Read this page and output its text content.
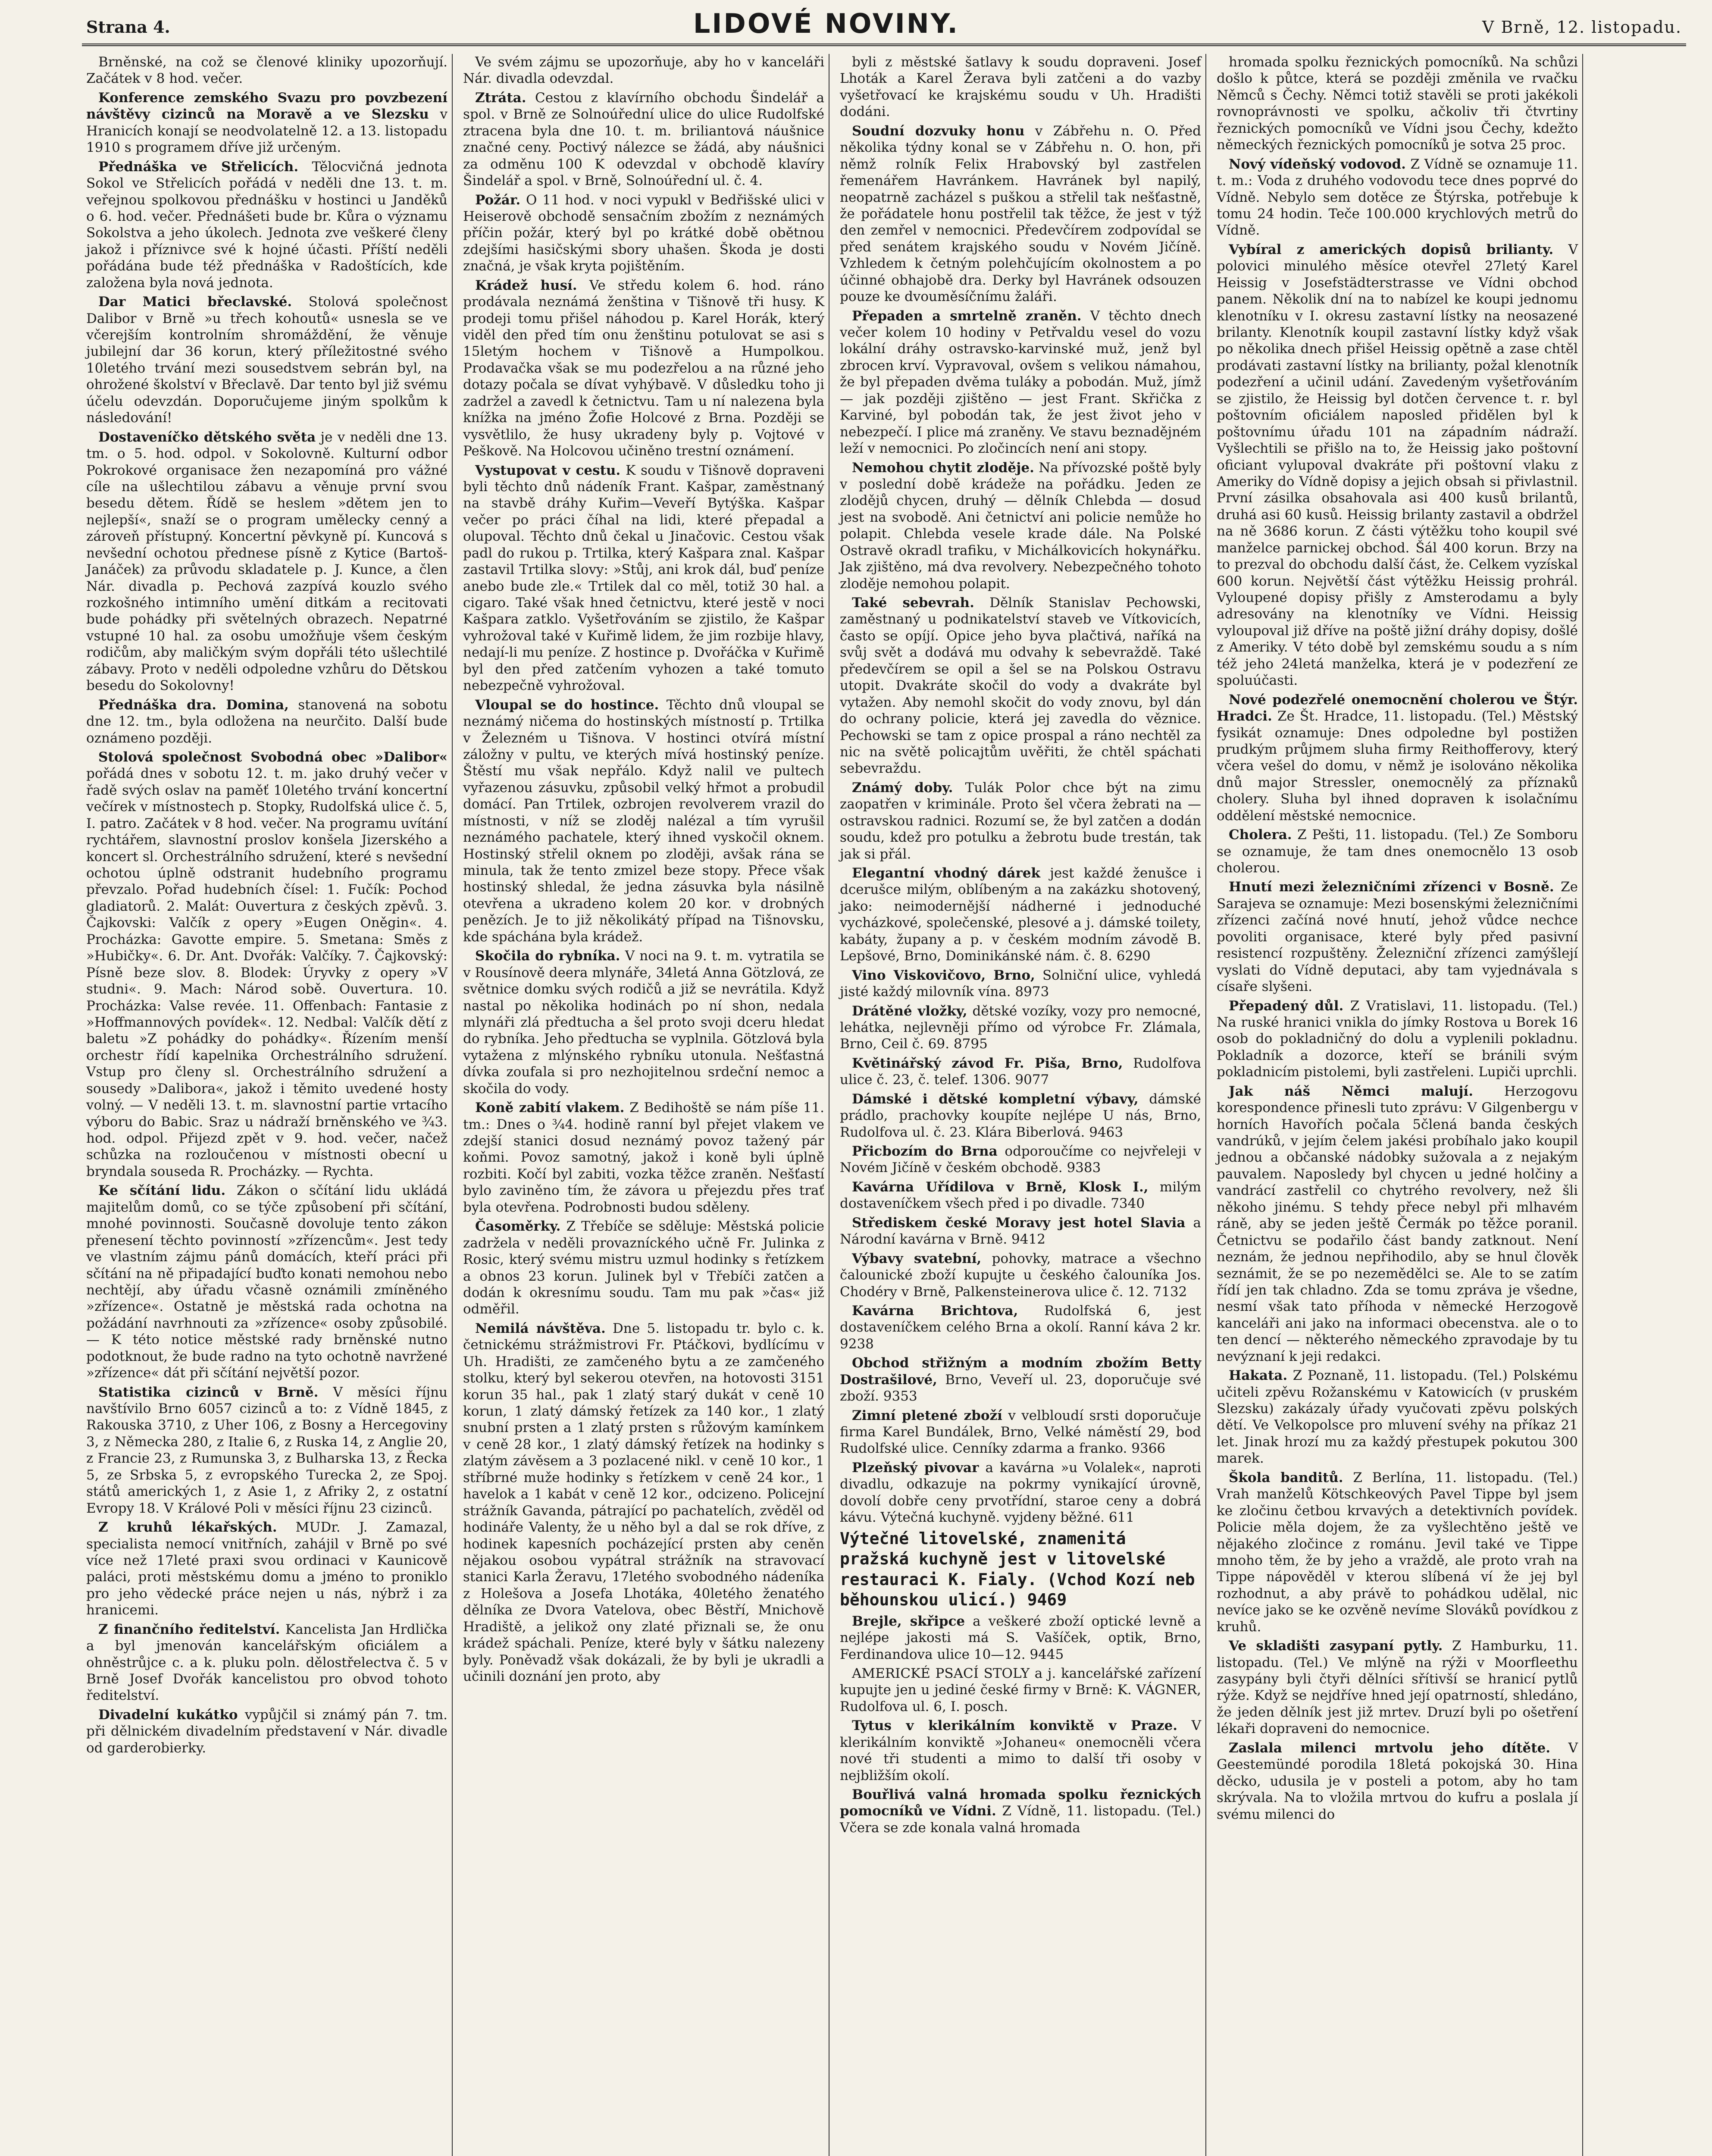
Strana 4.	LIDOVÉ NOVINY.	V Brně, 12. listopadu.

Brněnské, na což se členové kliniky upozorňují. Začátek v 8 hod. večer.

Konference zemského Svazu pro povzbezení návštěvy cizinců na Moravě a ve Slezsku v Hranicích konají se neodvolatelně 12. a 13. listopadu 1910 s programem dříve již určeným.

Přednáška ve Střelicích. Tělocvičná jednota Sokol ve Střelicích pořádá v neděli dne 13. t. m. veřejnou spolkovou přednášku v hostinci u Janděků o 6. hod. večer. Přednášeti bude br. Kůra o významu Sokolstva a jeho úkolech. Jednota zve veškeré členy jakož i příznivce své k hojné účasti. Příští neděli pořádána bude též přednáška v Radoštících, kde založena byla nová jednota.

Dar Matici břeclavské. Stolová společnost Dalibor v Brně »u třech kohoutů« usnesla se ve včerejším kontrolním shromáždění, že věnuje jubilejní dar 36 korun, který příležitostné svého 10letého trvání mezi sousedstvem sebrán byl, na ohrožené školství v Břeclavě. Dar tento byl již svému účelu odevzdán. Doporučujeme jiným spolkům k následování!

Dostaveníčko dětského světa je v neděli dne 13. tm. o 5. hod. odpol. v Sokolovně. Kulturní odbor Pokrokové organisace žen nezapomíná pro vážné cíle na ušlechtilou zábavu a věnuje první svou besedu dětem. Řídě se heslem »dětem jen to nejlepší«, snaží se o program umělecky cenný a zároveň přístupný. Koncertní pěvkyně pí. Kuncová s nevšední ochotou přednese písně z Kytice (Bartoš-Janáček) za průvodu skladatele p. J. Kunce, a člen Nár. divadla p. Pechová zazpívá kouzlo svého rozkošného intimního umění ditkám a recitovati bude pohádky při světelných obrazech. Nepatrné vstupné 10 hal. za osobu umožňuje všem českým rodičům, aby maličkým svým dopřáli této ušlechtilé zábavy. Proto v neděli odpoledne vzhůru do Dětskou besedu do Sokolovny!

Přednáška dra. Domina, stanovená na sobotu dne 12. tm., byla odložena na neurčito. Další bude oznámeno později.

Stolová společnost Svobodná obec »Dalibor« pořádá dnes v sobotu 12. t. m. jako druhý večer v řadě svých oslav na paměť 10letého trvání koncertní večírek v místnostech p. Stopky, Rudolfská ulice č. 5, I. patro. Začátek v 8 hod. večer. Na programu uvítání rychtářem, slavnostní proslov konšela Jizerského a koncert sl. Orchestrálního sdružení, které s nevšední ochotou úplně odstranit hudebního programu převzalo. Pořad hudebních čísel: 1. Fučík: Pochod gladiatorů. 2. Malát: Ouvertura z českých zpěvů. 3. Čajkovski: Valčík z opery »Eugen Oněgin«. 4. Procházka: Gavotte empire. 5. Smetana: Směs z »Hubičky«. 6. Dr. Ant. Dvořák: Valčíky. 7. Čajkovský: Písně beze slov. 8. Blodek: Úryvky z opery »V studni«. 9. Mach: Národ sobě. Ouvertura. 10. Procházka: Valse revée. 11. Offenbach: Fantasie z »Hoffmannových povídek«. 12. Nedbal: Valčík dětí z baletu »Z pohádky do pohádky«. Řízením menší orchestr řídí kapelnika Orchestrálního sdružení. Vstup pro členy sl. Orchestrálního sdružení a sousedy »Dalibora«, jakož i těmito uvedené hosty volný. — V neděli 13. t. m. slavnostní partie vrtacího výboru do Babic. Sraz u nádraží brněnského ve ¾3. hod. odpol. Přijezd zpět v 9. hod. večer, načež schůzka na rozloučenou v místnosti obecní u bryndala souseda R. Procházky. — Rychta.

Ke sčítání lidu. Zákon o sčítání lidu ukládá majitelům domů, co se týče způsobení při sčítání, mnohé povinnosti. Současně dovoluje tento zákon přenesení těchto povinností »zřízencům«. Jest tedy ve vlastním zájmu pánů domácích, kteří práci při sčítání na ně připadající buďto konati nemohou nebo nechtějí, aby úřadu včasně oznámili zmíněného »zřízence«. Ostatně je městská rada ochotna na požádání navrhnouti za »zřízence« osoby způsobilé. — K této notice městské rady brněnské nutno podotknout, že bude radno na tyto ochotně navržené »zřízence« dát při sčítání největší pozor.

Statistika cizinců v Brně. V měsíci říjnu navštívilo Brno 6057 cizinců a to: z Vídně 1845, z Rakouska 3710, z Uher 106, z Bosny a Hercegoviny 3, z Německa 280, z Italie 6, z Ruska 14, z Anglie 20, z Francie 23, z Rumunska 3, z Bulharska 13, z Řecka 5, ze Srbska 5, z evropského Turecka 2, ze Spoj. států amerických 1, z Asie 1, z Afriky 2, z ostatní Evropy 18. V Králové Poli v měsíci říjnu 23 cizinců.

Z kruhů lékařských. MUDr. J. Zamazal, specialista nemocí vnitřních, zahájil v Brně po své více než 17leté praxi svou ordinaci v Kaunicově paláci, proti městskému domu a jméno to proniklo pro jeho vědecké práce nejen u nás, nýbrž i za hranicemi.

Z finančního ředitelství. Kancelista Jan Hrdlička a byl jmenován kancelářským oficiálem a ohněstrůjce c. a k. pluku poln. dělostřelectva č. 5 v Brně Josef Dvořák kancelistou pro obvod tohoto ředitelství.

Divadelní kukátko vypůjčil si známý pán 7. tm. při dělnickém divadelním představení v Nár. divadle od garderobierky.

Ve svém zájmu se upozorňuje, aby ho v kanceláři Nár. divadla odevzdal.

Ztráta. Cestou z klavírního obchodu Šindelář a spol. v Brně ze Solnoúřední ulice do ulice Rudolfské ztracena byla dne 10. t. m. briliantová náušnice značné ceny. Poctivý nálezce se žádá, aby náušnici za odměnu 100 K odevzdal v obchodě klavíry Šindelář a spol. v Brně, Solnoúřední ul. č. 4.

Požár. O 11 hod. v noci vypukl v Bedřišské ulici v Heiserově obchodě sensačním zbožím z neznámých příčin požár, který byl po krátké době obětnou zdejšími hasičskými sbory uhašen. Škoda je dosti značná, je však kryta pojištěním.

Krádež husí. Ve středu kolem 6. hod. ráno prodávala neznámá ženština v Tišnově tři husy. K prodeji tomu přišel náhodou p. Karel Horák, který viděl den před tím onu ženštinu potulovat se asi s 15letým hochem v Tišnově a Humpolkou. Prodavačka však se mu podezřelou a na různé jeho dotazy počala se dívat vyhýbavě. V důsledku toho ji zadržel a zavedl k četnictvu. Tam u ní nalezena byla knížka na jméno Žofie Holcové z Brna. Později se vysvětlilo, že husy ukradeny byly p. Vojtové v Peškově. Na Holcovou učiněno trestní oznámení.

Vystupovat v cestu. K soudu v Tišnově dopraveni byli těchto dnů nádeník Frant. Kašpar, zaměstnaný na stavbě dráhy Kuřim—Veveří Bytýška. Kašpar večer po práci číhal na lidi, které přepadal a olupoval. Těchto dnů čekal u Jinačovic. Cestou však padl do rukou p. Trtilka, který Kašpara znal. Kašpar zastavil Trtilka slovy: »Stůj, ani krok dál, buď peníze anebo bude zle.« Trtilek dal co měl, totiž 30 hal. a cigaro. Také však hned četnictvu, které jestě v noci Kašpara zatklo. Vyšetřováním se zjistilo, že Kašpar vyhrožoval také v Kuřimě lidem, že jim rozbije hlavy, nedají-li mu peníze. Z hostince p. Dvořáčka v Kuřimě byl den před zatčením vyhozen a také tomuto nebezpečně vyhrožoval.

Vloupal se do hostince. Těchto dnů vloupal se neznámý ničema do hostinských místností p. Trtilka v Železném u Tišnova. V hostinci otvírá místní záložny v pultu, ve kterých mívá hostinský peníze. Štěstí mu však nepřálo. Když nalil ve pultech vyřazenou zásuvku, způsobil velký hřmot a probudil domácí. Pan Trtilek, ozbrojen revolverem vrazil do místnosti, v níž se zloděj nalézal a tím vyrušil neznámého pachatele, který ihned vyskočil oknem. Hostinský střelil oknem po zloději, avšak rána se minula, tak že tento zmizel beze stopy. Přece však hostinský shledal, že jedna zásuvka byla násilně otevřena a ukradeno kolem 20 kor. v drobných penězích. Je to již několikátý případ na Tišnovsku, kde spáchána byla krádež.

Skočila do rybníka. V noci na 9. t. m. vytratila se v Rousínově deera mlynáře, 34letá Anna Götzlová, ze světnice domku svých rodičů a již se nevrátila. Když nastal po několika hodinách po ní shon, nedala mlynáři zlá předtucha a šel proto svoji dceru hledat do rybníka. Jeho předtucha se vyplnila. Götzlová byla vytažena z mlýnského rybníku utonula. Nešťastná dívka zoufala si pro nezhojitelnou srdeční nemoc a skočila do vody.

Koně zabití vlakem. Z Bedihoště se nám píše 11. tm.: Dnes o ¾4. hodině ranní byl přejet vlakem ve zdejší stanici dosud neznámý povoz tažený pár koňmi. Povoz samotný, jakož i koně byli úplně rozbiti. Kočí byl zabiti, vozka těžce zraněn. Nešťastí bylo zaviněno tím, že závora u přejezdu přes trať byla otevřena. Podrobnosti budou sděleny.

Časoměrky. Z Třebíče se sděluje: Městská policie zadržela v neděli provazníckého učně Fr. Julinka z Rosic, který svému mistru uzmul hodinky s řetízkem a obnos 23 korun. Julinek byl v Třebíči zatčen a dodán k okresnímu soudu. Tam mu pak »čas« již odměřil.

Nemilá návštěva. Dne 5. listopadu tr. bylo c. k. četnickému strážmistrovi Fr. Ptáčkovi, bydlícímu v Uh. Hradišti, ze zamčeného bytu a ze zamčeného stolku, který byl sekerou otevřen, na hotovosti 3151 korun 35 hal., pak 1 zlatý starý dukát v ceně 10 korun, 1 zlatý dámský řetízek za 140 kor., 1 zlatý snubní prsten a 1 zlatý prsten s růžovým kamínkem v ceně 28 kor., 1 zlatý dámský řetízek na hodinky s zlatým závěsem a 3 pozlacené nikl. v ceně 10 kor., 1 stříbrné muže hodinky s řetízkem v ceně 24 kor., 1 havelok a 1 kabát v ceně 12 kor., odcizeno. Policejní strážník Gavanda, pátrající po pachatelích, zvěděl od hodináře Valenty, že u něho byl a dal se rok dříve, z hodinek kapesních pocházející prsten aby ceněn nějakou osobou vypátral strážník na stravovací stanici Karla Žeravu, 17letého svobodného nádeníka z Holešova a Josefa Lhotáka, 40letého ženatého dělníka ze Dvora Vatelova, obec Běstří, Mnichově Hradiště, a jelikož ony zlaté přiznali se, že onu krádež spáchali. Peníze, které byly v šátku nalezeny byly. Poněvadž však dokázali, že by byli je ukradli a učinili doznání jen proto, aby

byli z městské šatlavy k soudu dopraveni. Josef Lhoták a Karel Žerava byli zatčeni a do vazby vyšetřovací ke krajskému soudu v Uh. Hradišti dodáni.

Soudní dozvuky honu v Zábřehu n. O. Před několika týdny konal se v Zábřehu n. O. hon, při němž rolník Felix Hrabovský byl zastřelen řemenářem Havránkem. Havránek byl napilý, neopatrně zacházel s puškou a střelil tak nešťastně, že pořádatele honu postřelil tak těžce, že jest v týž den zemřel v nemocnici. Předevčírem zodpovídal se před senátem krajského soudu v Novém Jičíně. Vzhledem k četným polehčujícím okolnostem a po účinné obhajobě dra. Derky byl Havránek odsouzen pouze ke dvouměsíčnímu žaláři.

Přepaden a smrtelně zraněn. V těchto dnech večer kolem 10 hodiny v Petřvaldu vesel do vozu lokální dráhy ostravsko-karvinské muž, jenž byl zbrocen krví. Vypravoval, ovšem s velikou námahou, že byl přepaden dvěma tuláky a pobodán. Muž, jímž — jak později zjištěno — jest Frant. Skřička z Karviné, byl pobodán tak, že jest život jeho v nebezpečí. I plice má zraněny. Ve stavu beznadějném leží v nemocnici. Po zločincích není ani stopy.

Nemohou chytit zloděje. Na přívozské poště byly v poslední době krádeže na pořádku. Jeden ze zlodějů chycen, druhý — dělník Chlebda — dosud jest na svobodě. Ani četnictví ani policie nemůže ho polapit. Chlebda vesele krade dále. Na Polské Ostravě okradl trafiku, v Michálkovicích hokynářku. Jak zjištěno, má dva revolvery. Nebezpečného tohoto zloděje nemohou polapit.

Také sebevrah. Dělník Stanislav Pechowski, zaměstnaný u podnikatelství staveb ve Vítkovicích, často se opíjí. Opice jeho byva plačtivá, naříká na svůj svět a dodává mu odvahy k sebevraždě. Také předevčírem se opil a šel se na Polskou Ostravu utopit. Dvakráte skočil do vody a dvakráte byl vytažen. Aby nemohl skočit do vody znovu, byl dán do ochrany policie, která jej zavedla do věznice. Pechowski se tam z opice prospal a ráno nechtěl za nic na světě policajtům uvěřiti, že chtěl spáchati sebevraždu.

Známý doby. Tulák Polor chce být na zimu zaopatřen v kriminále. Proto šel včera žebrati na — ostravskou radnici. Rozumí se, že byl zatčen a dodán soudu, kdež pro potulku a žebrotu bude trestán, tak jak si přál.

Elegantní vhodný dárek jest každé ženušce i dcerušce milým, oblíbeným a na zakázku shotovený, jako: neimodernější nádherné i jednoduché vycházkové, společenské, plesové a j. dámské toilety, kabáty, župany a p. v českém modním závodě B. Lepšové, Brno, Dominikánské nám. č. 8. 6290

Vino Viskovičovo, Brno, Solniční ulice, vyhledá jisté každý milovník vína. 8973

Drátěné vložky, dětské vozíky, vozy pro nemocné, lehátka, nejlevněji přímo od výrobce Fr. Zlámala, Brno, Ceil č. 69. 8795

Květinářský závod Fr. Piša, Brno, Rudolfova ulice č. 23, č. telef. 1306. 9077

Dámské i dětské kompletní výbavy, dámské prádlo, prachovky koupíte nejlépe U nás, Brno, Rudolfova ul. č. 23. Klára Biberlová. 9463

Přicbozím do Brna odporoučíme co nejvřeleji v Novém Jičíně v českém obchodě. 9383

Kavárna Uřídilova v Brně, Klosk I., milým dostaveníčkem všech před i po divadle. 7340

Střediskem české Moravy jest hotel Slavia a Národní kavárna v Brně. 9412

Výbavy svatební, pohovky, matrace a všechno čalounické zboží kupujte u českého čalouníka Jos. Chodéry v Brně, Palkensteinerova ulice č. 12. 7132

Kavárna Brichtova, Rudolfská 6, jest dostaveníčkem celého Brna a okolí. Ranní káva 2 kr. 9238

Obchod střižným a modním zbožím Betty Dostrašilové, Brno, Veveří ul. 23, doporučuje své zboží. 9353

Zimní pletené zboží v velbloudí srsti doporučuje firma Karel Bundálek, Brno, Velké náměstí 29, bod Rudolfské ulice. Cenníky zdarma a franko. 9366

Plzeňský pivovar a kavárna »u Volalek«, naproti divadlu, odkazuje na pokrmy vynikající úrovně, dovolí dobře ceny prvotřídní, staroe ceny a dobrá kávu. Výtečná kuchyně. vyjdeny běžné. 611

Výtečné litovelské, znamenitá pražská kuchyně jest v litovelské restauraci K. Fialy. (Vchod Kozí neb běhounskou ulicí.) 9469

Brejle, skřipce a veškeré zboží optické levně a nejlépe jakosti má S. Vašíček, optik, Brno, Ferdinandova ulice 10—12. 9445

AMERICKÉ PSACÍ STOLY a j. kancelářské zařízení kupujte jen u jediné české firmy v Brně: K. VÁGNER, Rudolfova ul. 6, I. posch.

Tytus v klerikálním konviktě v Praze. V klerikálním konviktě »Johaneu« onemocněli včera nové tři studenti a mimo to další tři osoby v nejbližším okolí.

Bouřlivá valná hromada spolku řeznických pomocníků ve Vídni. Z Vídně, 11. listopadu. (Tel.) Včera se zde konala valná hromada

hromada spolku řeznických pomocníků. Na schůzi došlo k půtce, která se později změnila ve rvačku Němců s Čechy. Němci totiž stavěli se proti jakékoli rovnoprávnosti ve spolku, ačkoliv tři čtvrtiny řeznických pomocníků ve Vídni jsou Čechy, kdežto německých řeznických pomocníků je sotva 25 proc.

Nový vídeňský vodovod. Z Vídně se oznamuje 11. t. m.: Voda z druhého vodovodu tece dnes poprvé do Vídně. Nebylo sem dotěce ze Štýrska, potřebuje k tomu 24 hodin. Teče 100.000 krychlových metrů do Vídně.

Vybíral z amerických dopisů brilianty. V polovici minulého měsíce otevřel 27letý Karel Heissig v Josefstädterstrasse ve Vídni obchod panem. Několik dní na to nabízel ke koupi jednomu klenotníku v I. okresu zastavní lístky na neosazené brilanty. Klenotník koupil zastavní lístky když však po několika dnech přišel Heissig opětně a zase chtěl prodávati zastavní lístky na brilianty, požal klenotník podezření a učinil udání. Zavedeným vyšetřováním se zjistilo, že Heissig byl dotčen července t. r. byl poštovním oficiálem naposled přidělen byl k poštovnímu úřadu 101 na západním nádraží. Vyšlechtili se přišlo na to, že Heissig jako poštovní oficiant vylupoval dvakráte při poštovní vlaku z Ameriky do Vídně dopisy a jejich obsah si přivlastnil. První zásilka obsahovala asi 400 kusů brilantů, druhá asi 60 kusů. Heissig brilanty zastavil a obdržel na ně 3686 korun. Z části výtěžku toho koupil své manželce parnickej obchod. Šál 400 korun. Brzy na to prezval do obchodu další část, že. Celkem vyzískal 600 korun. Největší část výtěžku Heissig prohrál. Vyloupené dopisy přišly z Amsterodamu a byly adresovány na klenotníky ve Vídni. Heissig vyloupoval již dříve na poště jižní dráhy dopisy, došlé z Ameriky. V této době byl zemskému soudu a s ním též jeho 24letá manželka, která je v podezření ze spoluúčasti.

Nové podezřelé onemocnění cholerou ve Štýr. Hradci. Ze Št. Hradce, 11. listopadu. (Tel.) Městský fysikát oznamuje: Dnes odpoledne byl postižen prudkým průjmem sluha firmy Reithofferovy, který včera vešel do domu, v němž je isolováno několika dnů major Stressler, onemocnělý za příznaků cholery. Sluha byl ihned dopraven k isolačnímu oddělení městské nemocnice.

Cholera. Z Pešti, 11. listopadu. (Tel.) Ze Somboru se oznamuje, že tam dnes onemocnělo 13 osob cholerou.

Hnutí mezi železničními zřízenci v Bosně. Ze Sarajeva se oznamuje: Mezi bosenskými železničními zřízenci začíná nové hnutí, jehož vůdce nechce povoliti organisace, které byly před pasivní resistencí rozpuštěny. Železniční zřízenci zamýšlejí vyslati do Vídně deputaci, aby tam vyjednávala s císaře slyšeni.

Přepadený důl. Z Vratislavi, 11. listopadu. (Tel.) Na ruské hranici vnikla do jímky Rostova u Borek 16 osob do pokladničný do dolu a vyplenili pokladnu. Pokladník a dozorce, kteří se bránili svým pokladnicím pistolemi, byli zastřeleni. Lupiči uprchli.

Jak náš Němci malují. Herzogovu korespondence přinesli tuto zprávu: V Gilgenbergu v horních Havořích počala 5člená banda českých vandrúků, v jejím čelem jakési probíhalo jako koupil jednou a občanské nádobky sužovala a z nejakým pauvalem. Naposledy byl chycen u jedné holčiny a vandrácí zastřelil co chytrého revolvery, než šli někoho jinému. S tehdy přece nebyl při mlhavém ráně, aby se jeden ještě Čermák po těžce poranil. Četnictvu se podařilo část bandy zatknout. Není neznám, že jednou nepřihodilo, aby se hnul člověk seznámit, že se po nezemědělci se. Ale to se zatím řídí jen tak chladno. Zda se tomu zpráva je všedne, nesmí však tato příhoda v německé Herzogově kanceláři ani jako na informaci obecenstva. ale o to ten dencí — některého německého zpravodaje by tu nevýznaní k jeji redakci.

Hakata. Z Poznaně, 11. listopadu. (Tel.) Polskému učiteli zpěvu Rožanskému v Katowicích (v pruském Slezsku) zakázaly úřady vyučovati zpěvu polských dětí. Ve Velkopolsce pro mluvení svéhy na příkaz 21 let. Jinak hrozí mu za každý přestupek pokutou 300 marek.

Škola banditů. Z Berlína, 11. listopadu. (Tel.) Vrah manželů Kötschkeových Pavel Tippe byl jsem ke zločinu četbou krvavých a detektivních povídek. Policie měla dojem, že za vyšlechtěno ještě ve nějakého zločince z románu. Jevil také ve Tippe mnoho těm, že by jeho a vraždě, ale proto vrah na Tippe nápověděl v kterou slíbená ví že jej byl rozhodnut, a aby právě to pohádkou udělal, nic nevíce jako se ke ozvěně nevíme Slováků povídkou z kruhů.

Ve skladišti zasypaní pytly. Z Hamburku, 11. listopadu. (Tel.) Ve mlýně na rýži v Moorfleethu zasypány byli čtyři dělníci sřítivší se hranicí pytlů rýže. Když se nejdříve hned její opatrností, shledáno, že jeden dělník jest již mrtev. Druzí byli po ošetření lékaři dopraveni do nemocnice.

Zaslala milenci mrtvolu jeho dítěte. V Geestemündé porodila 18letá pokojská 30. Hina děcko, udusila je v posteli a potom, aby ho tam skrývala. Na to vložila mrtvou do kufru a poslala jí svému milenci do
